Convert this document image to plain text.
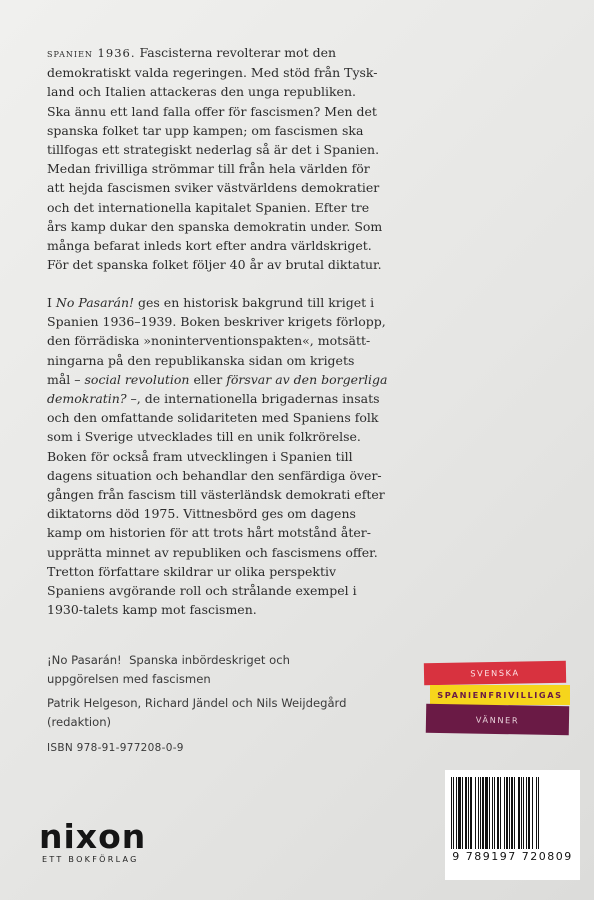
spanien 1936. Fascisterna revolterar mot den
demokratiskt valda regeringen. Med stöd från Tysk-
land och Italien attackeras den unga republiken.
Ska ännu ett land falla offer för fascismen? Men det
spanska folket tar upp kampen; om fascismen ska
tillfogas ett strategiskt nederlag så är det i Spanien.
Medan frivilliga strömmar till från hela världen för
att hejda fascismen sviker västvärldens demokratier
och det internationella kapitalet Spanien. Efter tre
års kamp dukar den spanska demokratin under. Som
många befarat inleds kort efter andra världskriget.
För det spanska folket följer 40 år av brutal diktatur.
I No Pasarán! ges en historisk bakgrund till kriget i
Spanien 1936–1939. Boken beskriver krigets förlopp,
den förrädiska »noninterventionspakten«, motsätt-
ningarna på den republikanska sidan om krigets
mål – social revolution eller försvar av den borgerliga
demokratin? –, de internationella brigadernas insats
och den omfattande solidariteten med Spaniens folk
som i Sverige utvecklades till en unik folkrörelse.
Boken för också fram utvecklingen i Spanien till
dagens situation och behandlar den senfärdiga över-
gången från fascism till västerländsk demokrati efter
diktatorns död 1975. Vittnesbörd ges om dagens
kamp om historien för att trots hårt motstånd åter-
upprätta minnet av republiken och fascismens offer.
Tretton författare skildrar ur olika perspektiv
Spaniens avgörande roll och strålande exempel i
1930-talets kamp mot fascismen.
¡No Pasarán! Spanska inbördeskriget och
uppgörelsen med fascismen
Patrik Helgeson, Richard Jändel och Nils Weijdegård
(redaktion)
ISBN 978-91-977208-0-9
nixon
ETT BOKFÖRLAG
SVENSKA
SPANIENFRIVILLIGAS
VÄNNER
9 789197 720809
